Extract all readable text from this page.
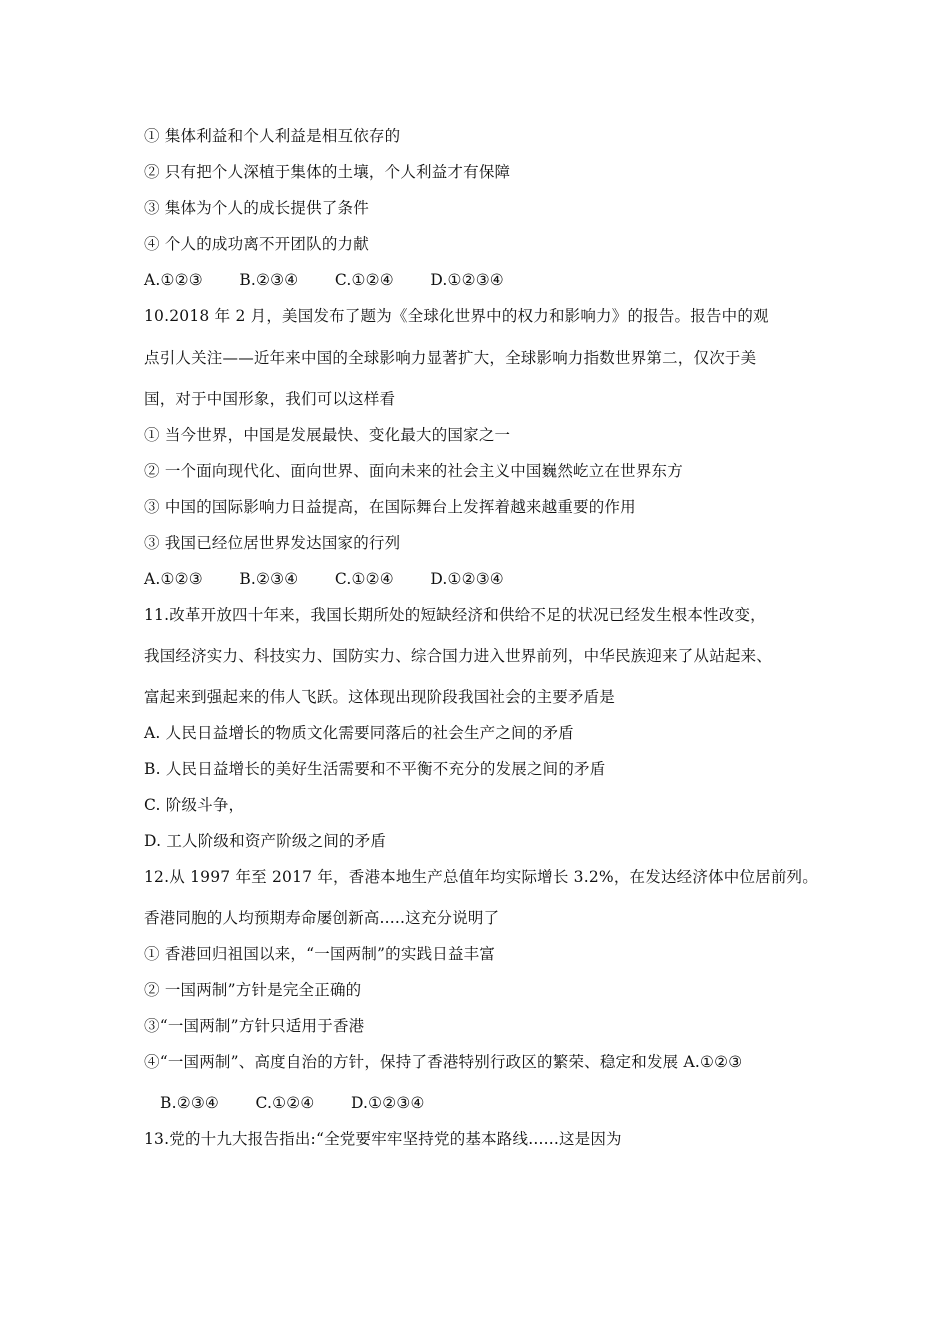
① 集体利益和个人利益是相互依存的
② 只有把个人深植于集体的土壤，个人利益才有保障
③ 集体为个人的成长提供了条件
④ 个人的成功离不开团队的力献
A.①②③　　 B.②③④　　 C.①②④　　 D.①②③④
10.2018 年 2 月，美国发布了题为《全球化世界中的权力和影响力》的报告。报告中的观
点引人关注——近年来中国的全球影响力显著扩大，全球影响力指数世界第二，仅次于美
国，对于中国形象，我们可以这样看
① 当今世界，中国是发展最快、变化最大的国家之一
② 一个面向现代化、面向世界、面向未来的社会主义中国巍然屹立在世界东方
③ 中国的国际影响力日益提高，在国际舞台上发挥着越来越重要的作用
③ 我国已经位居世界发达国家的行列
A.①②③　　 B.②③④　　 C.①②④　　 D.①②③④
11.改革开放四十年来，我国长期所处的短缺经济和供给不足的状况已经发生根本性改变，
我国经济实力、科技实力、国防实力、综合国力进入世界前列，中华民族迎来了从站起来、
富起来到强起来的伟人飞跃。这体现出现阶段我国社会的主要矛盾是
A. 人民日益增长的物质文化需要同落后的社会生产之间的矛盾
B. 人民日益增长的美好生活需要和不平衡不充分的发展之间的矛盾
C. 阶级斗争，
D. 工人阶级和资产阶级之间的矛盾
12.从 1997 年至 2017 年，香港本地生产总值年均实际增长 3.2%，在发达经济体中位居前列。
香港同胞的人均预期寿命屡创新高.....这充分说明了
① 香港回归祖国以来，“一国两制”的实践日益丰富
② 一国两制”方针是完全正确的
③“一国两制”方针只适用于香港
④“一国两制”、高度自治的方针，保持了香港特别行政区的繁荣、稳定和发展 A.①②③
B.②③④　　 C.①②④　　 D.①②③④
13.党的十九大报告指出:“全党要牢牢坚持党的基本路线......这是因为
